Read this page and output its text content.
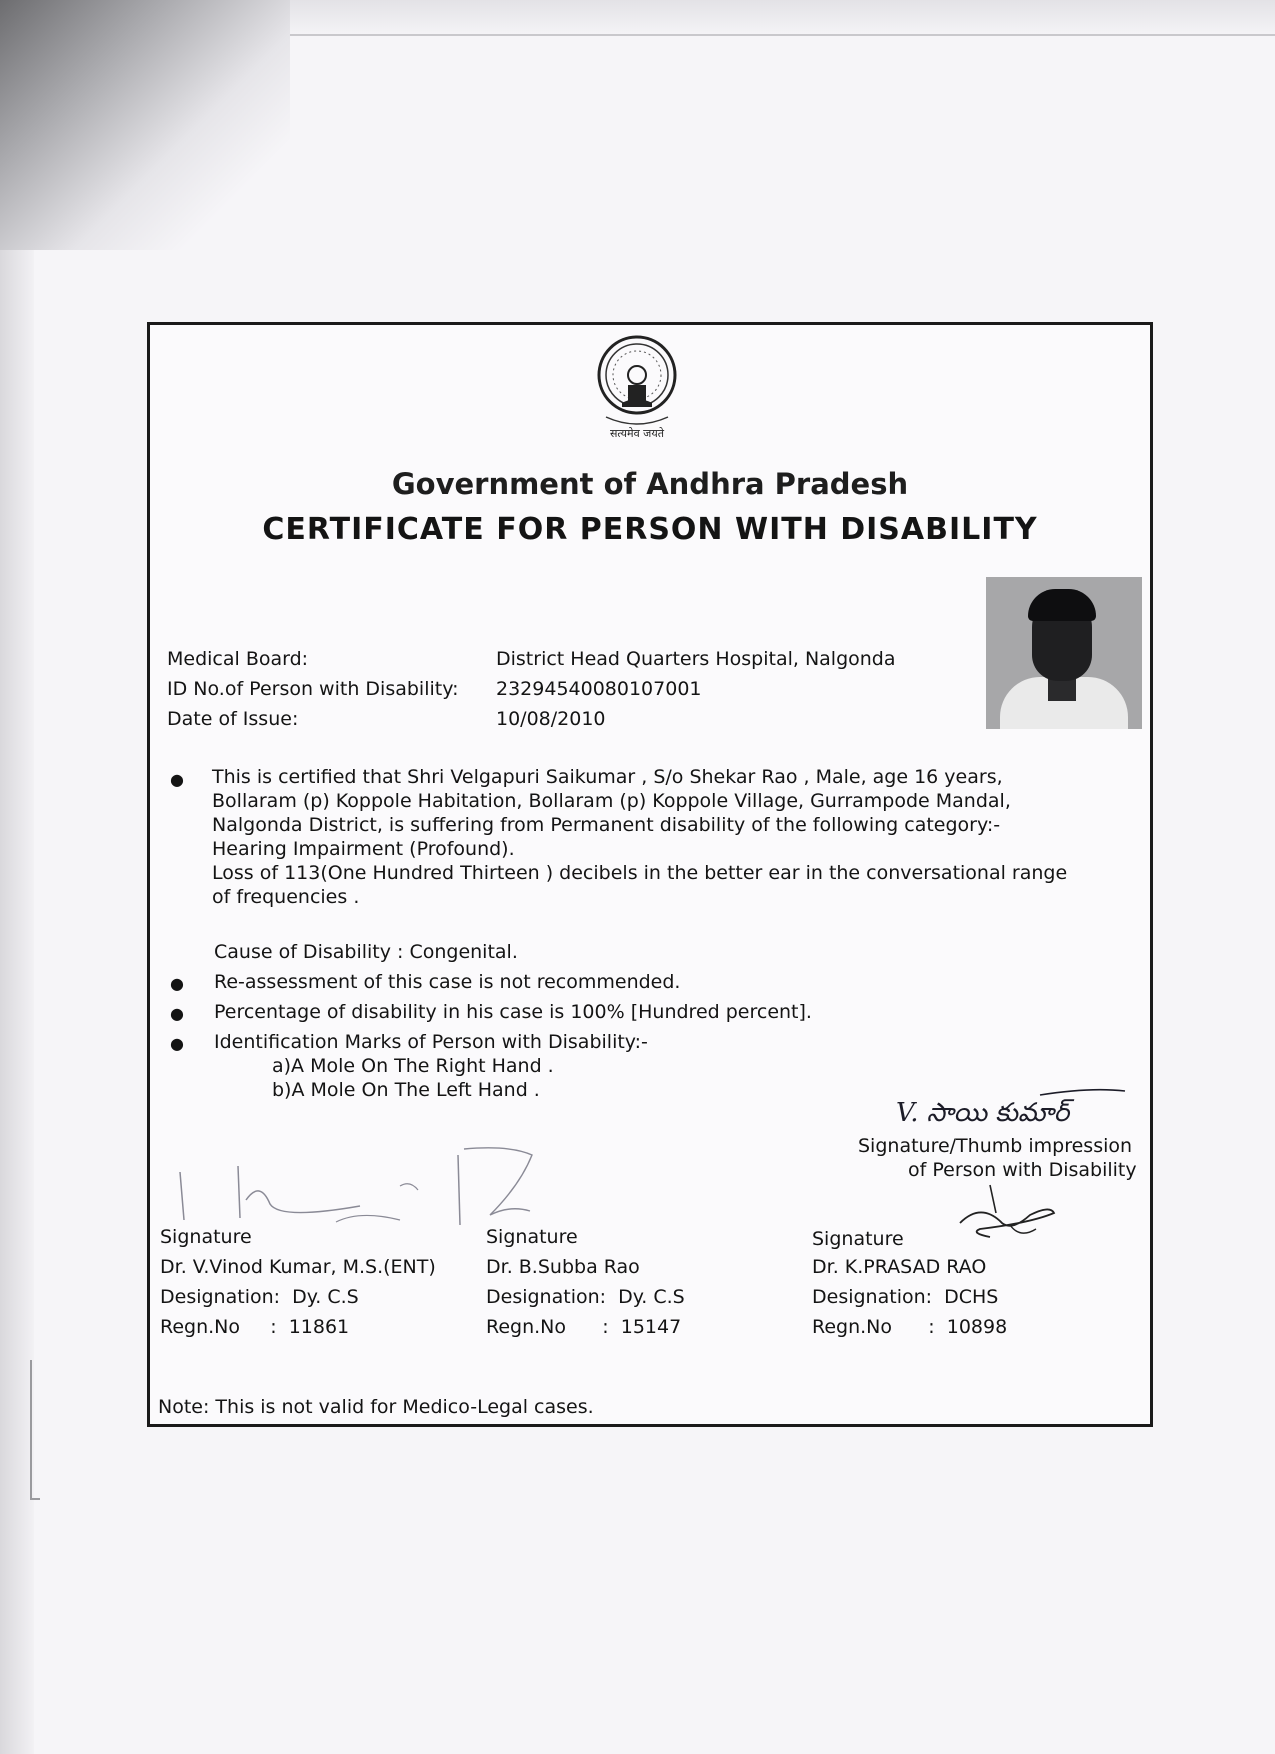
सत्यमेव जयते
Government of Andhra Pradesh
CERTIFICATE FOR PERSON WITH DISABILITY
Medical Board:	District Head Quarters Hospital, Nalgonda
ID No.of Person with Disability: 23294540080107001
Date of Issue:	10/08/2010
● This is certified that Shri Velgapuri Saikumar , S/o Shekar Rao , Male, age 16 years,
Bollaram (p) Koppole Habitation, Bollaram (p) Koppole Village, Gurrampode Mandal,
Nalgonda District, is suffering from Permanent disability of the following category:-
Hearing Impairment (Profound).
Loss of 113(One Hundred Thirteen ) decibels in the better ear in the conversational range
of frequencies .
Cause of Disability : Congenital.
● Re-assessment of this case is not recommended.
● Percentage of disability in his case is 100% [Hundred percent].
● Identification Marks of Person with Disability:-
a)A Mole On The Right Hand .
b)A Mole On The Left Hand .
V. సాయి కుమార్
Signature/Thumb impression
of Person with Disability
Signature
Dr. V.Vinod Kumar, M.S.(ENT)
Designation:  Dy. C.S
Regn.No     :  11861
Signature
Dr. B.Subba Rao
Designation:  Dy. C.S
Regn.No      :  15147
Signature
Dr. K.PRASAD RAO
Designation:  DCHS
Regn.No      :  10898
Note: This is not valid for Medico-Legal cases.
